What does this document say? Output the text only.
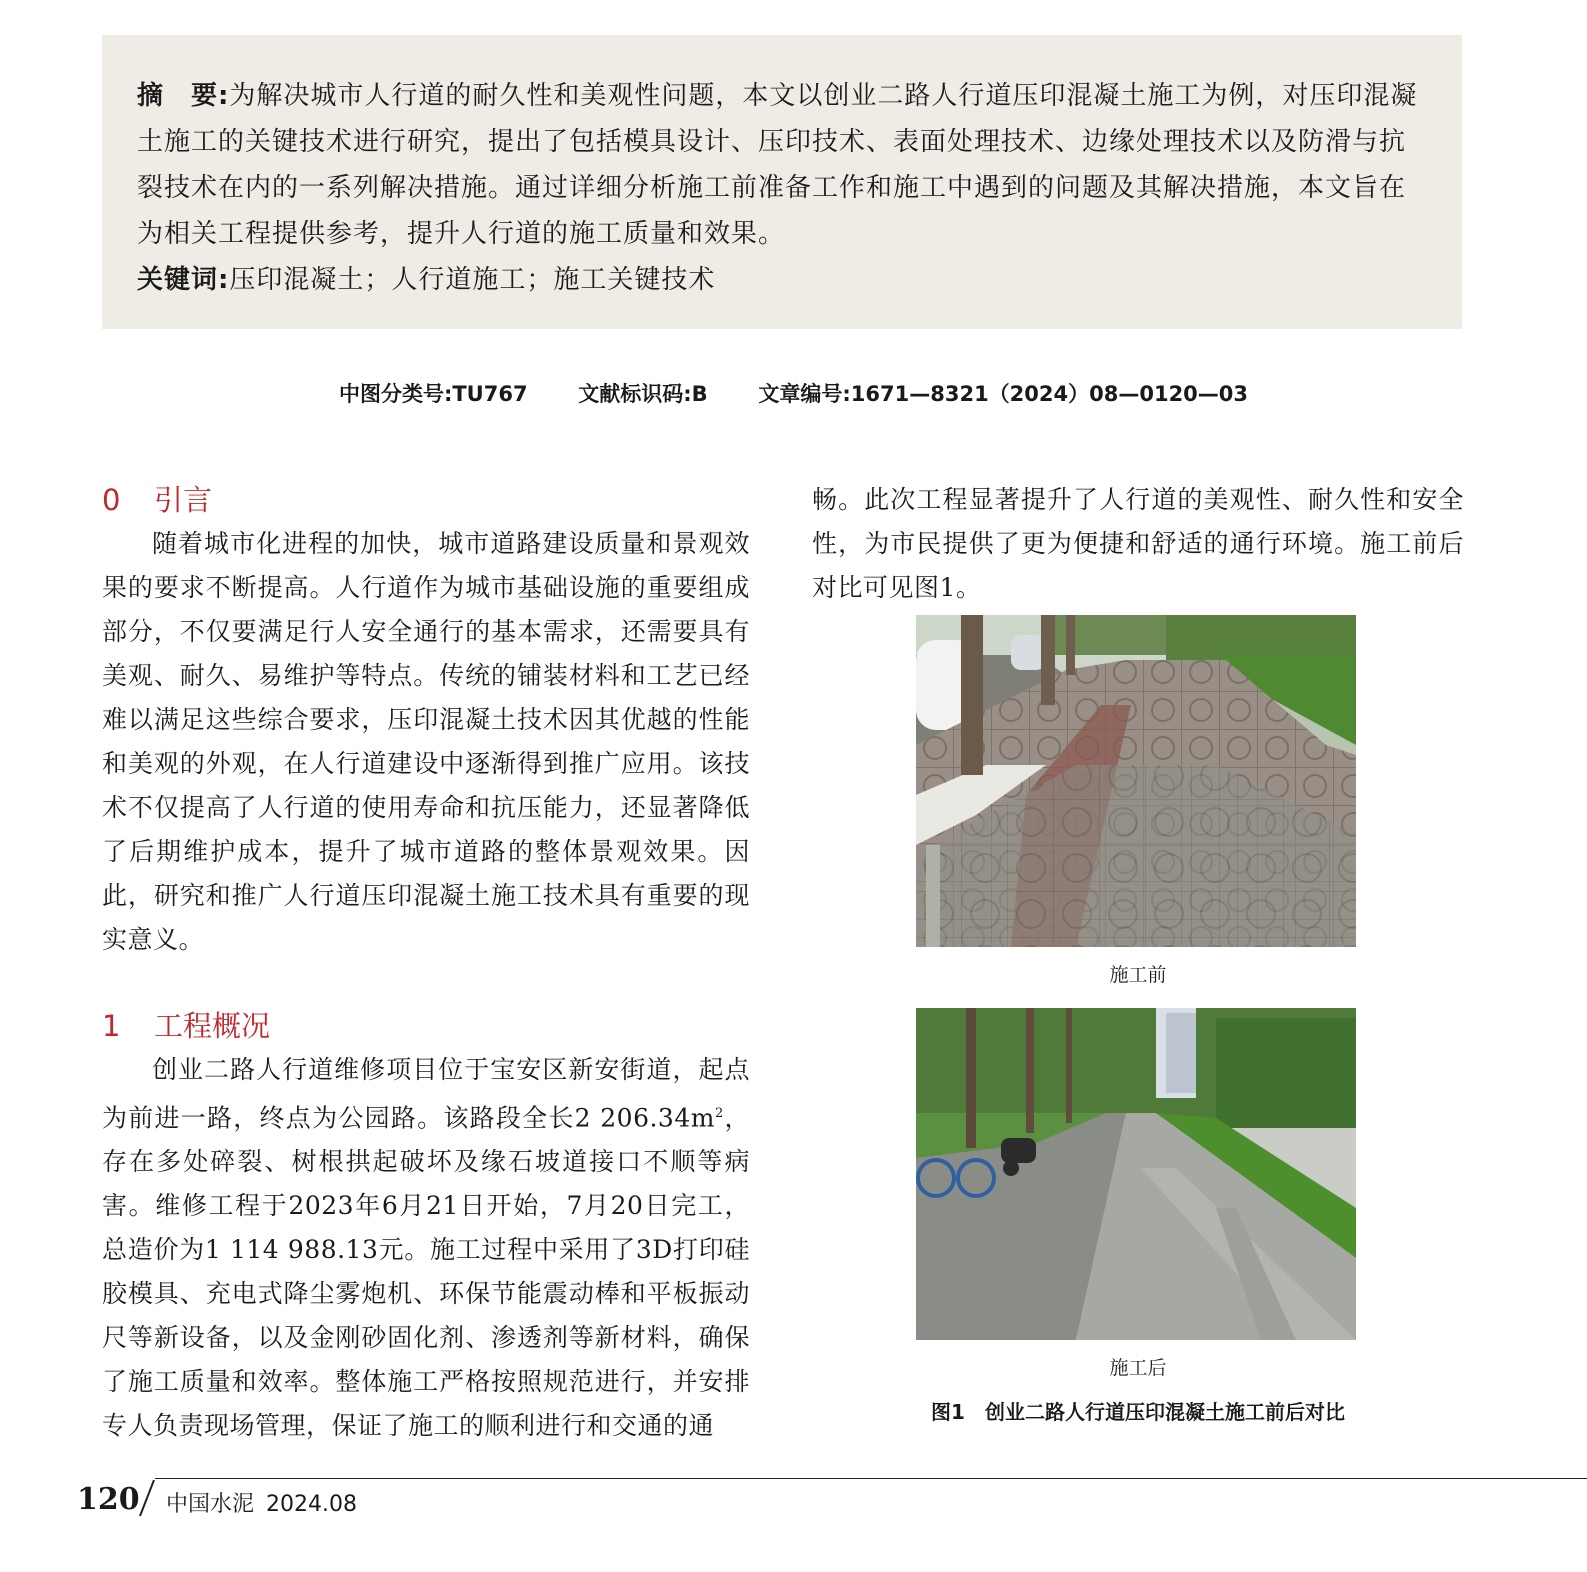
摘　要:为解决城市人行道的耐久性和美观性问题，本文以创业二路人行道压印混凝土施工为例，对压印混凝土施工的关键技术进行研究，提出了包括模具设计、压印技术、表面处理技术、边缘处理技术以及防滑与抗裂技术在内的一系列解决措施。通过详细分析施工前准备工作和施工中遇到的问题及其解决措施，本文旨在为相关工程提供参考，提升人行道的施工质量和效果。
关键词:压印混凝土；人行道施工；施工关键技术
中图分类号:TU767 文献标识码:B 文章编号:1671—8321（2024）08—0120—03
0 引言

随着城市化进程的加快，城市道路建设质量和景观效果的要求不断提高。人行道作为城市基础设施的重要组成部分，不仅要满足行人安全通行的基本需求，还需要具有美观、耐久、易维护等特点。传统的铺装材料和工艺已经难以满足这些综合要求，压印混凝土技术因其优越的性能和美观的外观，在人行道建设中逐渐得到推广应用。该技术不仅提高了人行道的使用寿命和抗压能力，还显著降低了后期维护成本，提升了城市道路的整体景观效果。因此，研究和推广人行道压印混凝土施工技术具有重要的现实意义。

1 工程概况

创业二路人行道维修项目位于宝安区新安街道，起点为前进一路，终点为公园路。该路段全长2 $206.34m^2$，存在多处碎裂、树根拱起破坏及缘石坡道接口不顺等病害。维修工程于2023年6月21日开始，7月20日完工，总造价为1 114 988.13元。施工过程中采用了3D打印硅胶模具、充电式降尘雾炮机、环保节能震动棒和平板振动尺等新设备，以及金刚砂固化剂、渗透剂等新材料，确保了施工质量和效率。整体施工严格按照规范进行，并安排专人负责现场管理，保证了施工的顺利进行和交通的通

畅。此次工程显著提升了人行道的美观性、耐久性和安全性，为市民提供了更为便捷和舒适的通行环境。施工前后对比可见图1。

施工前
施工后
图1 创业二路人行道压印混凝土施工前后对比
120 中国水泥 2024.08
